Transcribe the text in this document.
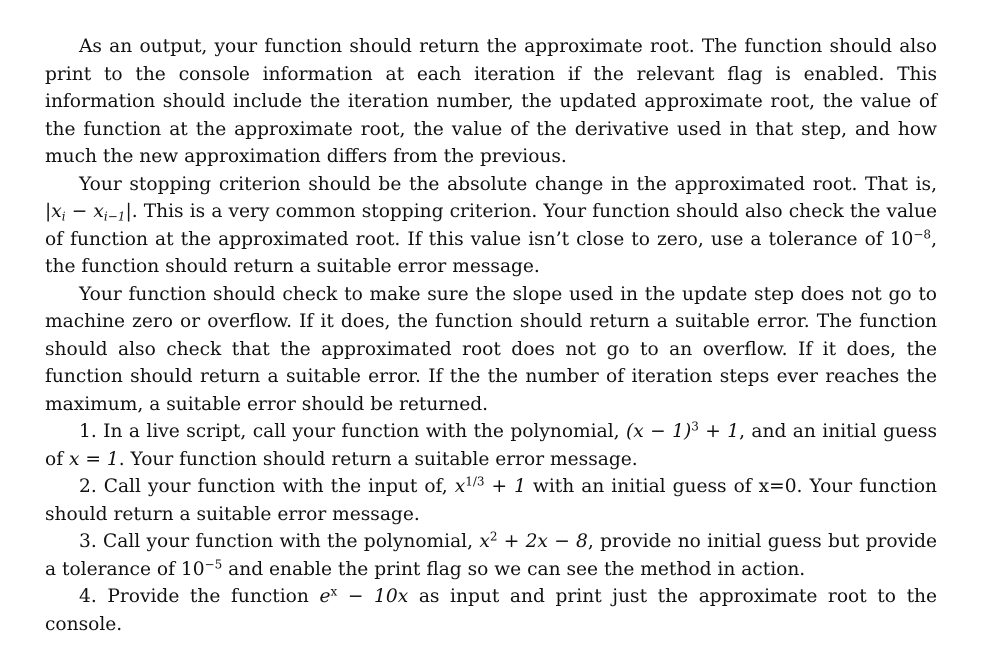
As an output, your function should return the approximate root. The function should also print to the console information at each iteration if the relevant flag is enabled. This information should include the iteration number, the updated approximate root, the value of the function at the approximate root, the value of the derivative used in that step, and how much the new approximation differs from the previous.

Your stopping criterion should be the absolute change in the approximated root. That is, $|x_i - x_{i-1}|$. This is a very common stopping criterion. Your function should also check the value of function at the approximated root. If this value isn’t close to zero, use a tolerance of $10^{-8}$, the function should return a suitable error message.

Your function should check to make sure the slope used in the update step does not go to machine zero or overflow. If it does, the function should return a suitable error. The function should also check that the approximated root does not go to an overflow. If it does, the function should return a suitable error. If the the number of iteration steps ever reaches the maximum, a suitable error should be returned.

1. In a live script, call your function with the polynomial, $(x - 1)^3 + 1$, and an initial guess of x = 1. Your function should return a suitable error message.

2. Call your function with the input of, $x^{1/3} + 1$ with an initial guess of x=0. Your function should return a suitable error message.

3. Call your function with the polynomial, $x^2 + 2x - 8$, provide no initial guess but provide a tolerance of $10^{-5}$ and enable the print flag so we can see the method in action.

4. Provide the function $e^x - 10x$ as input and print just the approximate root to the console.
